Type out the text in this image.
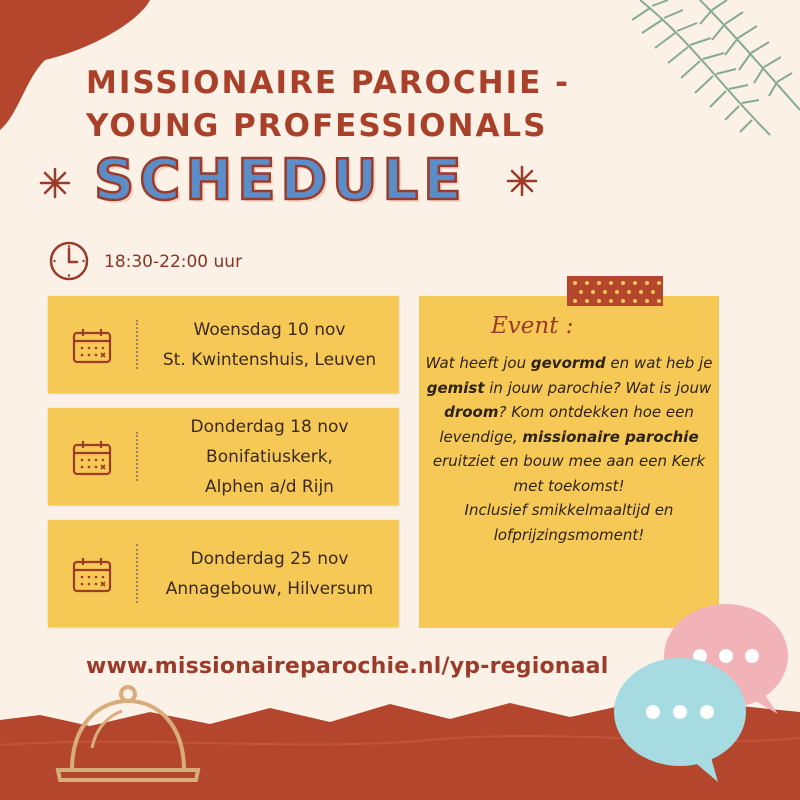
MISSIONAIRE PAROCHIE -
YOUNG PROFESSIONALS
SCHEDULE
18:30-22:00 uur
Woensdag 10 nov
St. Kwintenshuis, Leuven
Donderdag 18 nov
Bonifatiuskerk,
Alphen a/d Rijn
Donderdag 25 nov
Annagebouw, Hilversum
Event :
Wat heeft jou gevormd en wat heb je gemist in jouw parochie? Wat is jouw droom? Kom ontdekken hoe een levendige, missionaire parochie eruitziet en bouw mee aan een Kerk met toekomst!
Inclusief smikkelmaaltijd en lofprijzingsmoment!
www.missionaireparochie.nl/yp-regionaal
